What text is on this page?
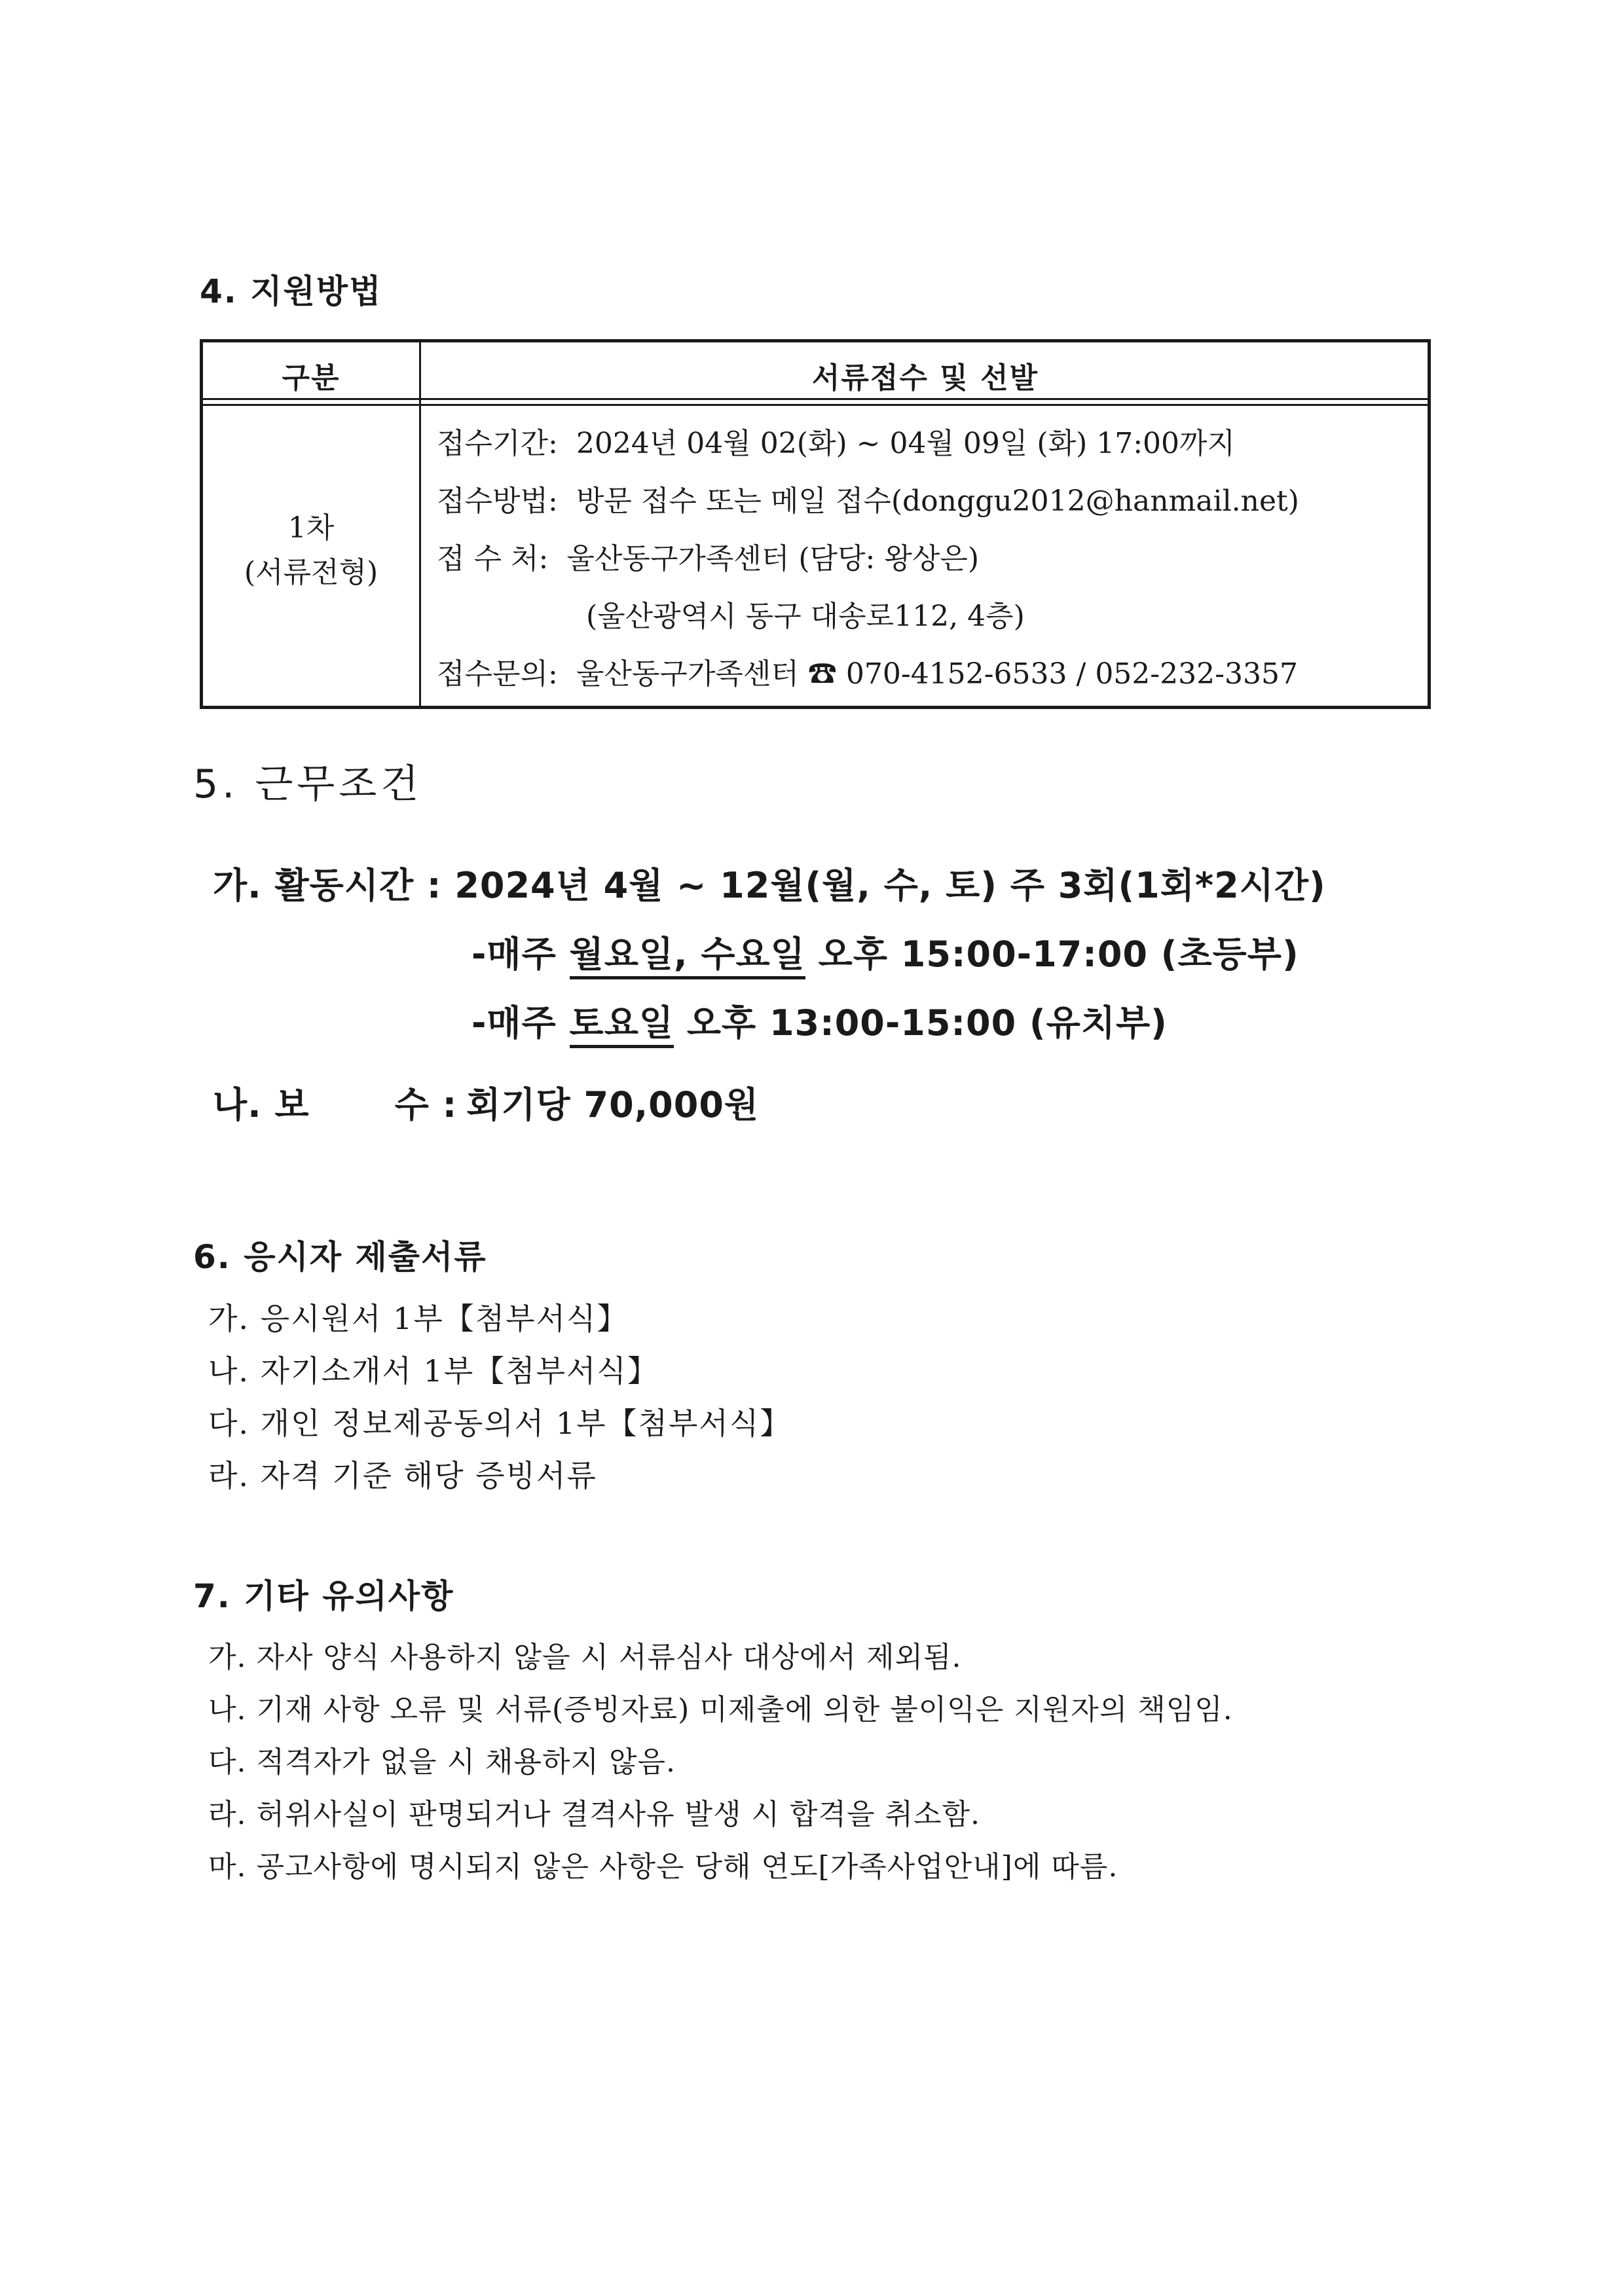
4. 지원방법
구분	서류접수 및 선발
1차
(서류전형)
접수기간: 2024년 04월 02(화) ~ 04월 09일 (화) 17:00까지
접수방법: 방문 접수 또는 메일 접수(donggu2012@hanmail.net)
접 수 처: 울산동구가족센터 (담당: 왕상은)
(울산광역시 동구 대송로112, 4층)
접수문의: 울산동구가족센터 ☎ 070-4152-6533 / 052-232-3357
5. 근무조건
가. 활동시간 : 2024년 4월 ~ 12월(월, 수, 토) 주 3회(1회*2시간)
-매주 월요일, 수요일 오후 15:00-17:00 (초등부)
-매주 토요일 오후 13:00-15:00 (유치부)
나. 보 수 : 회기당 70,000원
6. 응시자 제출서류
가. 응시원서 1부【첨부서식】
나. 자기소개서 1부【첨부서식】
다. 개인 정보제공동의서 1부【첨부서식】
라. 자격 기준 해당 증빙서류
7. 기타 유의사항
가. 자사 양식 사용하지 않을 시 서류심사 대상에서 제외됨.
나. 기재 사항 오류 및 서류(증빙자료) 미제출에 의한 불이익은 지원자의 책임임.
다. 적격자가 없을 시 채용하지 않음.
라. 허위사실이 판명되거나 결격사유 발생 시 합격을 취소함.
마. 공고사항에 명시되지 않은 사항은 당해 연도[가족사업안내]에 따름.
